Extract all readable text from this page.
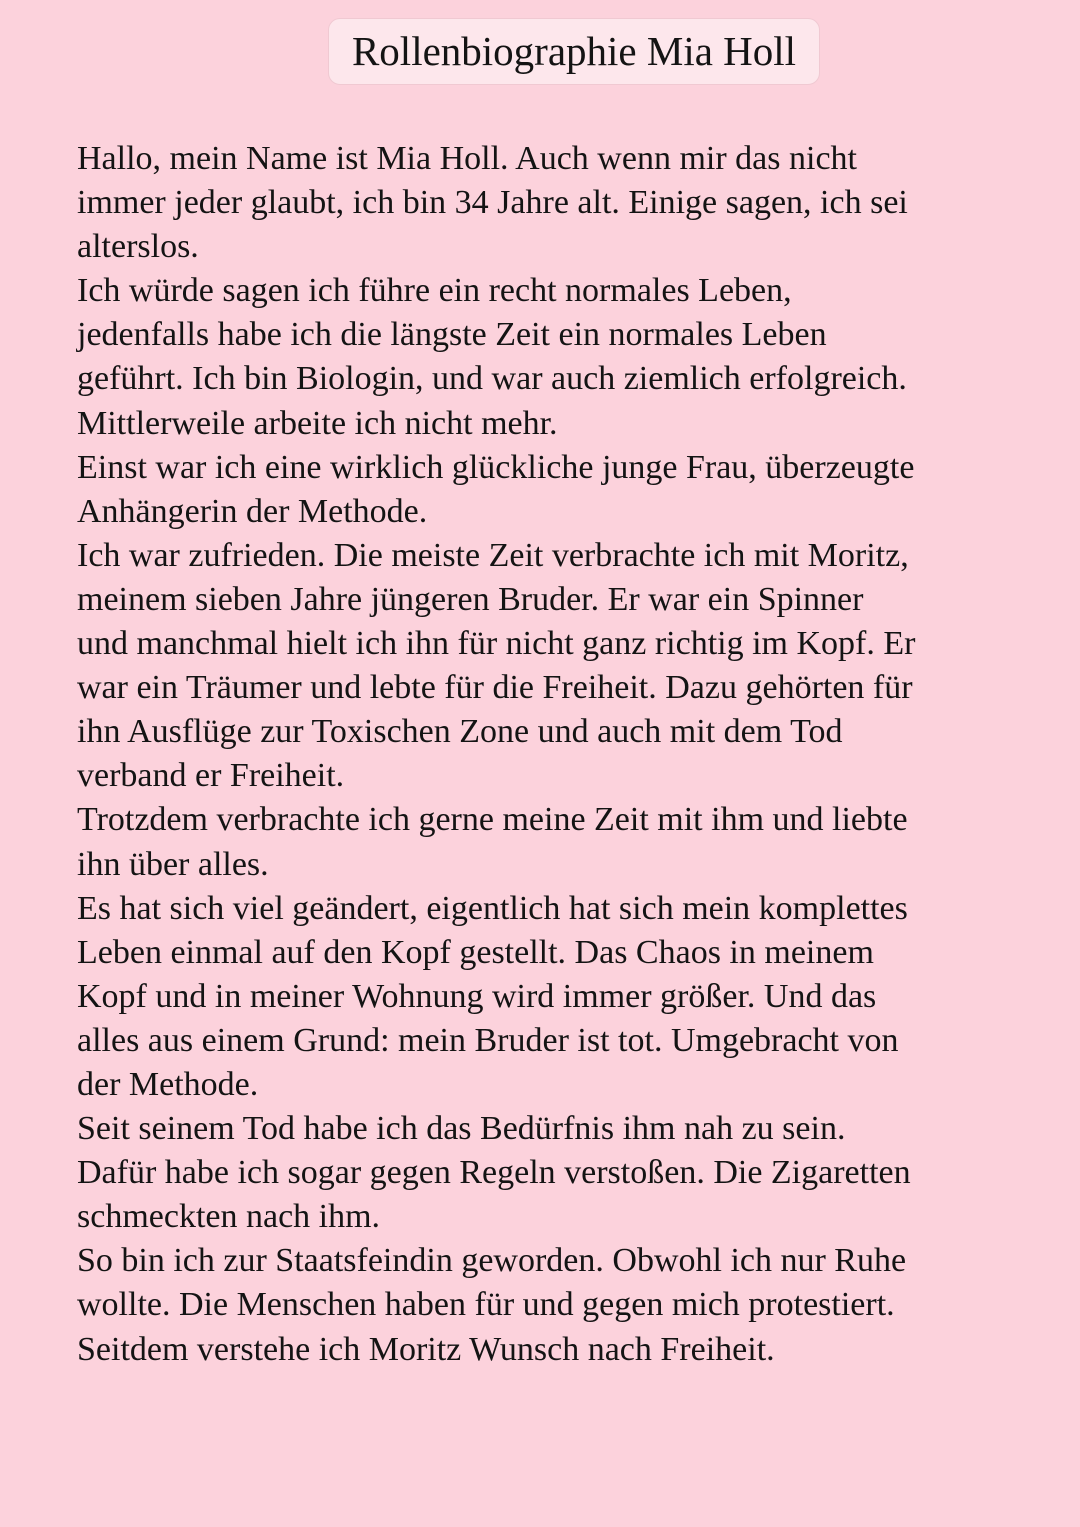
Rollenbiographie Mia Holl
Hallo, mein Name ist Mia Holl. Auch wenn mir das nicht
immer jeder glaubt, ich bin 34 Jahre alt. Einige sagen, ich sei
alterslos.
Ich würde sagen ich führe ein recht normales Leben,
jedenfalls habe ich die längste Zeit ein normales Leben
geführt. Ich bin Biologin, und war auch ziemlich erfolgreich.
Mittlerweile arbeite ich nicht mehr.
Einst war ich eine wirklich glückliche junge Frau, überzeugte
Anhängerin der Methode.
Ich war zufrieden. Die meiste Zeit verbrachte ich mit Moritz,
meinem sieben Jahre jüngeren Bruder. Er war ein Spinner
und manchmal hielt ich ihn für nicht ganz richtig im Kopf. Er
war ein Träumer und lebte für die Freiheit. Dazu gehörten für
ihn Ausflüge zur Toxischen Zone und auch mit dem Tod
verband er Freiheit.
Trotzdem verbrachte ich gerne meine Zeit mit ihm und liebte
ihn über alles.
Es hat sich viel geändert, eigentlich hat sich mein komplettes
Leben einmal auf den Kopf gestellt. Das Chaos in meinem
Kopf und in meiner Wohnung wird immer größer. Und das
alles aus einem Grund: mein Bruder ist tot. Umgebracht von
der Methode.
Seit seinem Tod habe ich das Bedürfnis ihm nah zu sein.
Dafür habe ich sogar gegen Regeln verstoßen. Die Zigaretten
schmeckten nach ihm.
So bin ich zur Staatsfeindin geworden. Obwohl ich nur Ruhe
wollte. Die Menschen haben für und gegen mich protestiert.
Seitdem verstehe ich Moritz Wunsch nach Freiheit.
